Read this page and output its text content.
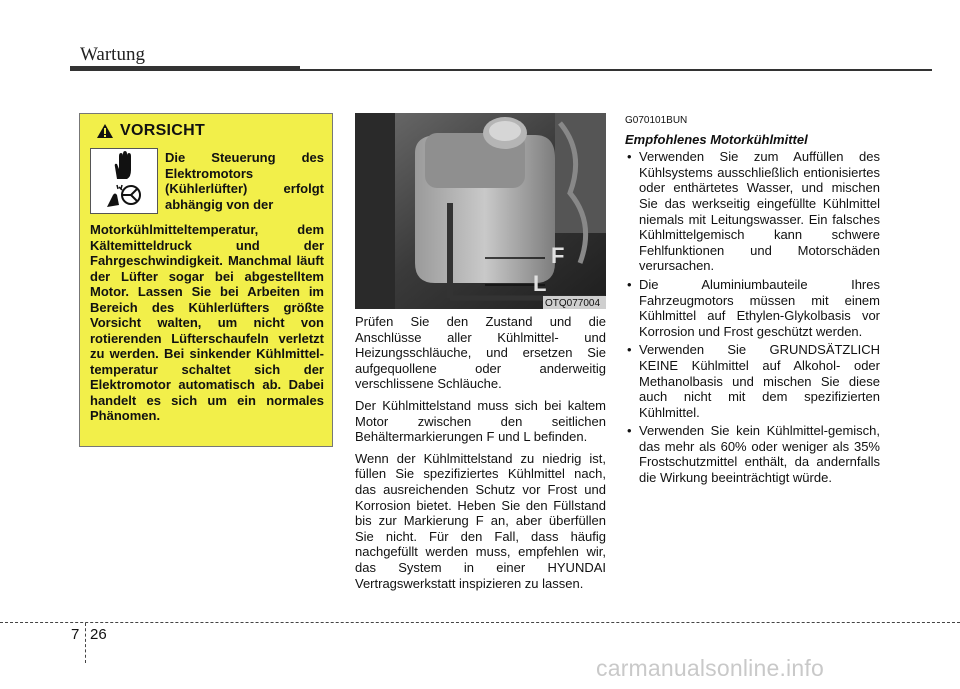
Wartung
VORSICHT
Die Steuerung des Elektromotors (Kühlerlüfter) erfolgt abhängig von der
Motorkühlmitteltemperatur, dem Kältemitteldruck und der Fahrgeschwindigkeit. Manchmal läuft der Lüfter sogar bei abgestelltem Motor. Lassen Sie bei Arbeiten im Bereich des Kühlerlüfters größte Vorsicht walten, um nicht von rotierenden Lüfterschaufeln verletzt zu werden. Bei sinkender Kühlmittel-temperatur schaltet sich der Elektromotor automatisch ab. Dabei handelt es sich um ein normales Phänomen.
F
L
OTQ077004

Prüfen Sie den Zustand und die Anschlüsse aller Kühlmittel- und Heizungsschläuche, und ersetzen Sie aufgequollene oder anderweitig verschlissene Schläuche.

Der Kühlmittelstand muss sich bei kaltem Motor zwischen den seitlichen Behältermarkierungen F und L befinden.

Wenn der Kühlmittelstand zu niedrig ist, füllen Sie spezifiziertes Kühlmittel nach, das ausreichenden Schutz vor Frost und Korrosion bietet. Heben Sie den Füllstand bis zur Markierung F an, aber überfüllen Sie nicht. Für den Fall, dass häufig nachgefüllt werden muss, empfehlen wir, das System in einer HYUNDAI Vertragswerkstatt inspizieren zu lassen.

G070101BUN
Empfohlenes Motorkühlmittel
• Verwenden Sie zum Auffüllen des Kühlsystems ausschließlich entionisiertes oder enthärtetes Wasser, und mischen Sie das werkseitig eingefüllte Kühlmittel niemals mit Leitungswasser. Ein falsches Kühlmittelgemisch kann schwere Fehlfunktionen und Motorschäden verursachen.
• Die Aluminiumbauteile Ihres Fahrzeugmotors müssen mit einem Kühlmittel auf Ethylen-Glykolbasis vor Korrosion und Frost geschützt werden.
• Verwenden Sie GRUNDSÄTZLICH KEINE Kühlmittel auf Alkohol- oder Methanolbasis und mischen Sie diese auch nicht mit dem spezifizierten Kühlmittel.
• Verwenden Sie kein Kühlmittel-gemisch, das mehr als 60% oder weniger als 35% Frostschutzmittel enthält, da andernfalls die Wirkung beeinträchtigt würde.
7 26
carmanualsonline.info
